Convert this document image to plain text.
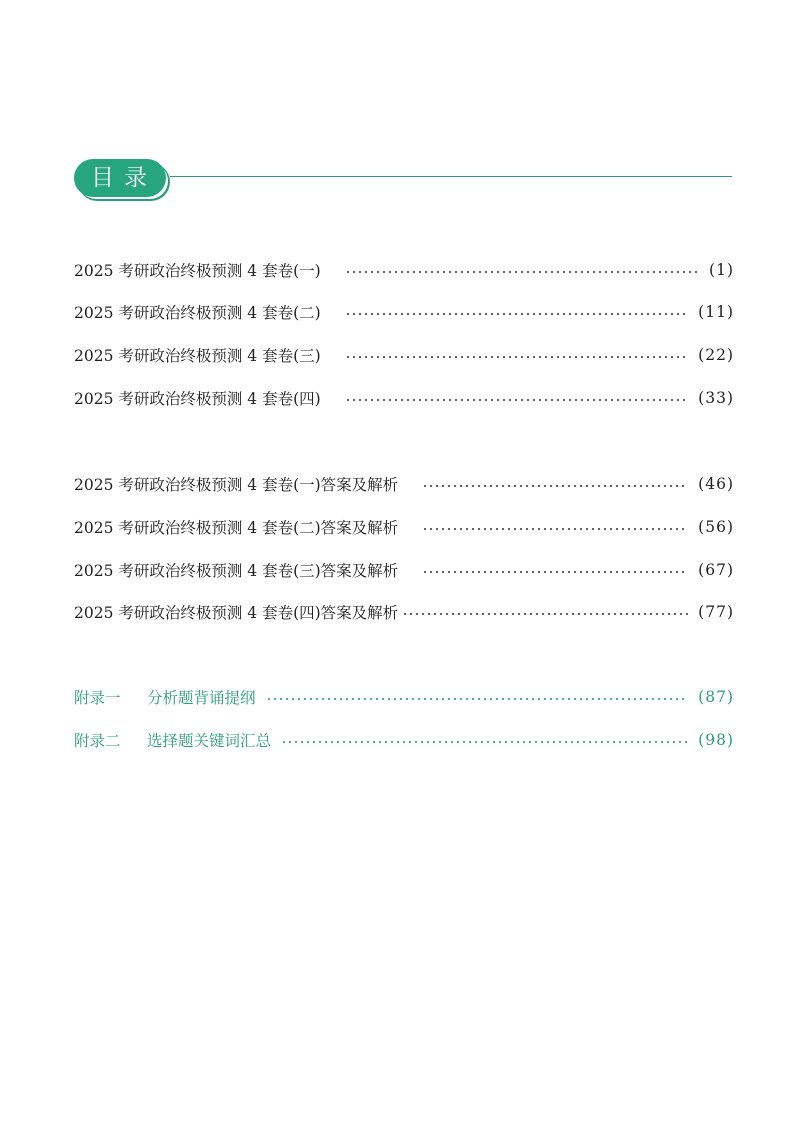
目录
2025 考研政治终极预测 4 套卷(一)	(1)
2025 考研政治终极预测 4 套卷(二)	(11)
2025 考研政治终极预测 4 套卷(三)	(22)
2025 考研政治终极预测 4 套卷(四)	(33)
2025 考研政治终极预测 4 套卷(一)答案及解析	(46)
2025 考研政治终极预测 4 套卷(二)答案及解析	(56)
2025 考研政治终极预测 4 套卷(三)答案及解析	(67)
2025 考研政治终极预测 4 套卷(四)答案及解析	(77)
附录一 分析题背诵提纲	(87)
附录二 选择题关键词汇总	(98)
